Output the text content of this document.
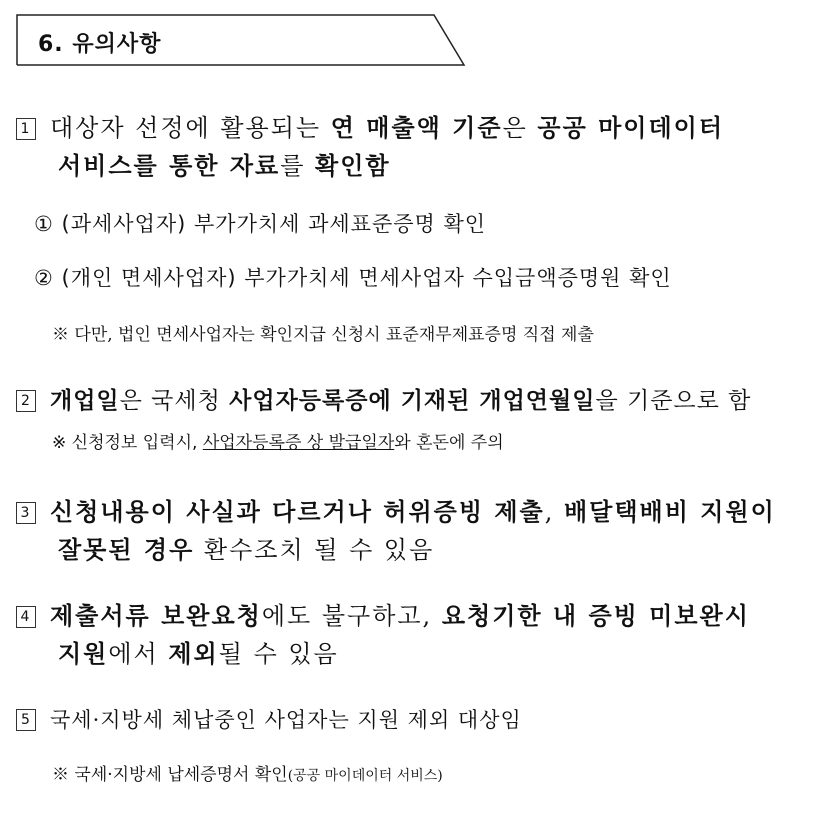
6. 유의사항
1 대상자 선정에 활용되는 연 매출액 기준은 공공 마이데이터
서비스를 통한 자료를 확인함
① (과세사업자) 부가가치세 과세표준증명 확인
② (개인 면세사업자) 부가가치세 면세사업자 수입금액증명원 확인
※ 다만, 법인 면세사업자는 확인지급 신청시 표준재무제표증명 직접 제출
2 개업일은 국세청 사업자등록증에 기재된 개업연월일을 기준으로 함
※ 신청정보 입력시, 사업자등록증 상 발급일자와 혼돈에 주의
3 신청내용이 사실과 다르거나 허위증빙 제출, 배달택배비 지원이
잘못된 경우 환수조치 될 수 있음
4 제출서류 보완요청에도 불구하고, 요청기한 내 증빙 미보완시
지원에서 제외될 수 있음
5 국세·지방세 체납중인 사업자는 지원 제외 대상임
※ 국세·지방세 납세증명서 확인(공공 마이데이터 서비스)
